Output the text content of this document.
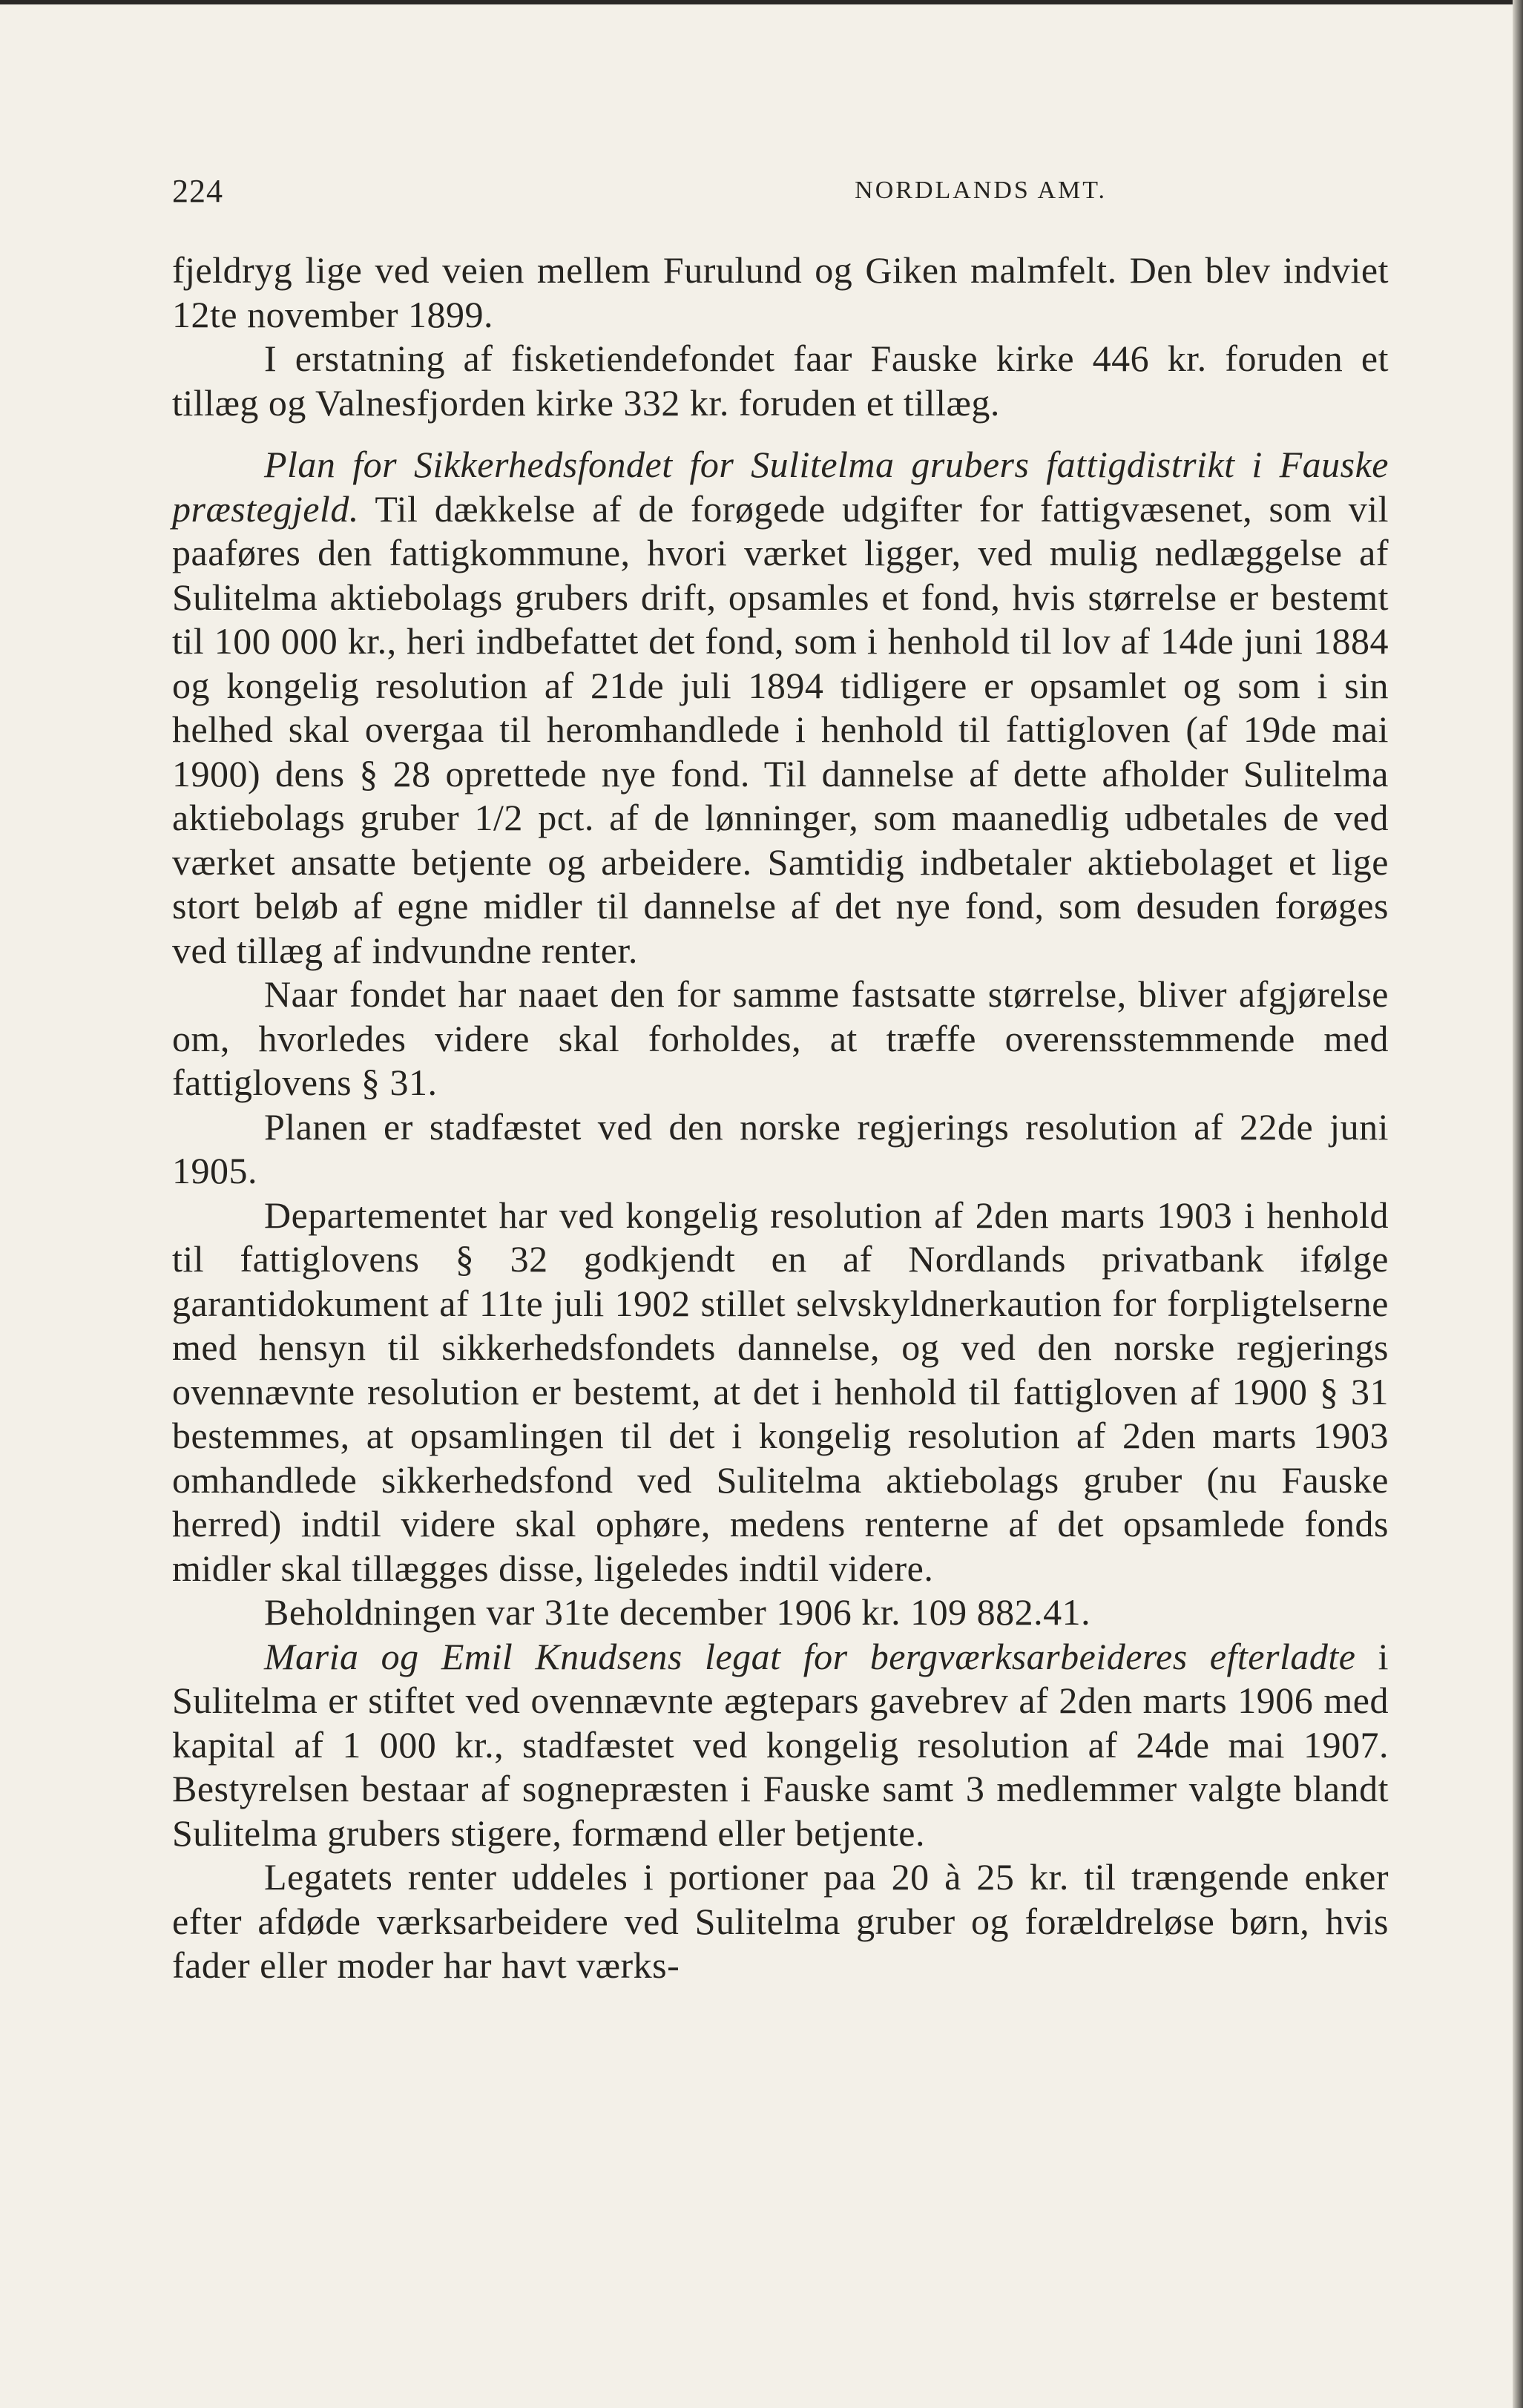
224	NORDLANDS AMT.

fjeldryg lige ved veien mellem Furulund og Giken malmfelt. Den blev indviet 12te november 1899.

I erstatning af fisketiendefondet faar Fauske kirke 446 kr. foruden et tillæg og Valnesfjorden kirke 332 kr. foruden et tillæg.

Plan for Sikkerhedsfondet for Sulitelma grubers fattigdistrikt i Fauske præstegjeld. Til dækkelse af de forøgede udgifter for fattigvæsenet, som vil paaføres den fattigkommune, hvori værket ligger, ved mulig nedlæggelse af Sulitelma aktiebolags grubers drift, opsamles et fond, hvis størrelse er bestemt til 100 000 kr., heri indbefattet det fond, som i henhold til lov af 14de juni 1884 og kongelig resolution af 21de juli 1894 tidligere er opsamlet og som i sin helhed skal overgaa til heromhandlede i henhold til fattigloven (af 19de mai 1900) dens § 28 oprettede nye fond. Til dannelse af dette afholder Sulitelma aktiebolags gruber 1/2 pct. af de lønninger, som maanedlig udbetales de ved værket ansatte betjente og arbeidere. Samtidig indbetaler aktiebolaget et lige stort beløb af egne midler til dannelse af det nye fond, som desuden forøges ved tillæg af indvundne renter.

Naar fondet har naaet den for samme fastsatte størrelse, bliver afgjørelse om, hvorledes videre skal forholdes, at træffe overensstemmende med fattiglovens § 31.

Planen er stadfæstet ved den norske regjerings resolution af 22de juni 1905.

Departementet har ved kongelig resolution af 2den marts 1903 i henhold til fattiglovens § 32 godkjendt en af Nordlands privatbank ifølge garantidokument af 11te juli 1902 stillet selvskyldnerkaution for forpligtelserne med hensyn til sikkerhedsfondets dannelse, og ved den norske regjerings ovennævnte resolution er bestemt, at det i henhold til fattigloven af 1900 § 31 bestemmes, at opsamlingen til det i kongelig resolution af 2den marts 1903 omhandlede sikkerhedsfond ved Sulitelma aktiebolags gruber (nu Fauske herred) indtil videre skal ophøre, medens renterne af det opsamlede fonds midler skal tillægges disse, ligeledes indtil videre.

Beholdningen var 31te december 1906 kr. 109 882.41.

Maria og Emil Knudsens legat for bergværksarbeideres efterladte i Sulitelma er stiftet ved ovennævnte ægtepars gavebrev af 2den marts 1906 med kapital af 1 000 kr., stadfæstet ved kongelig resolution af 24de mai 1907. Bestyrelsen bestaar af sognepræsten i Fauske samt 3 medlemmer valgte blandt Sulitelma grubers stigere, formænd eller betjente.

Legatets renter uddeles i portioner paa 20 à 25 kr. til trængende enker efter afdøde værksarbeidere ved Sulitelma gruber og forældreløse børn, hvis fader eller moder har havt værks-
